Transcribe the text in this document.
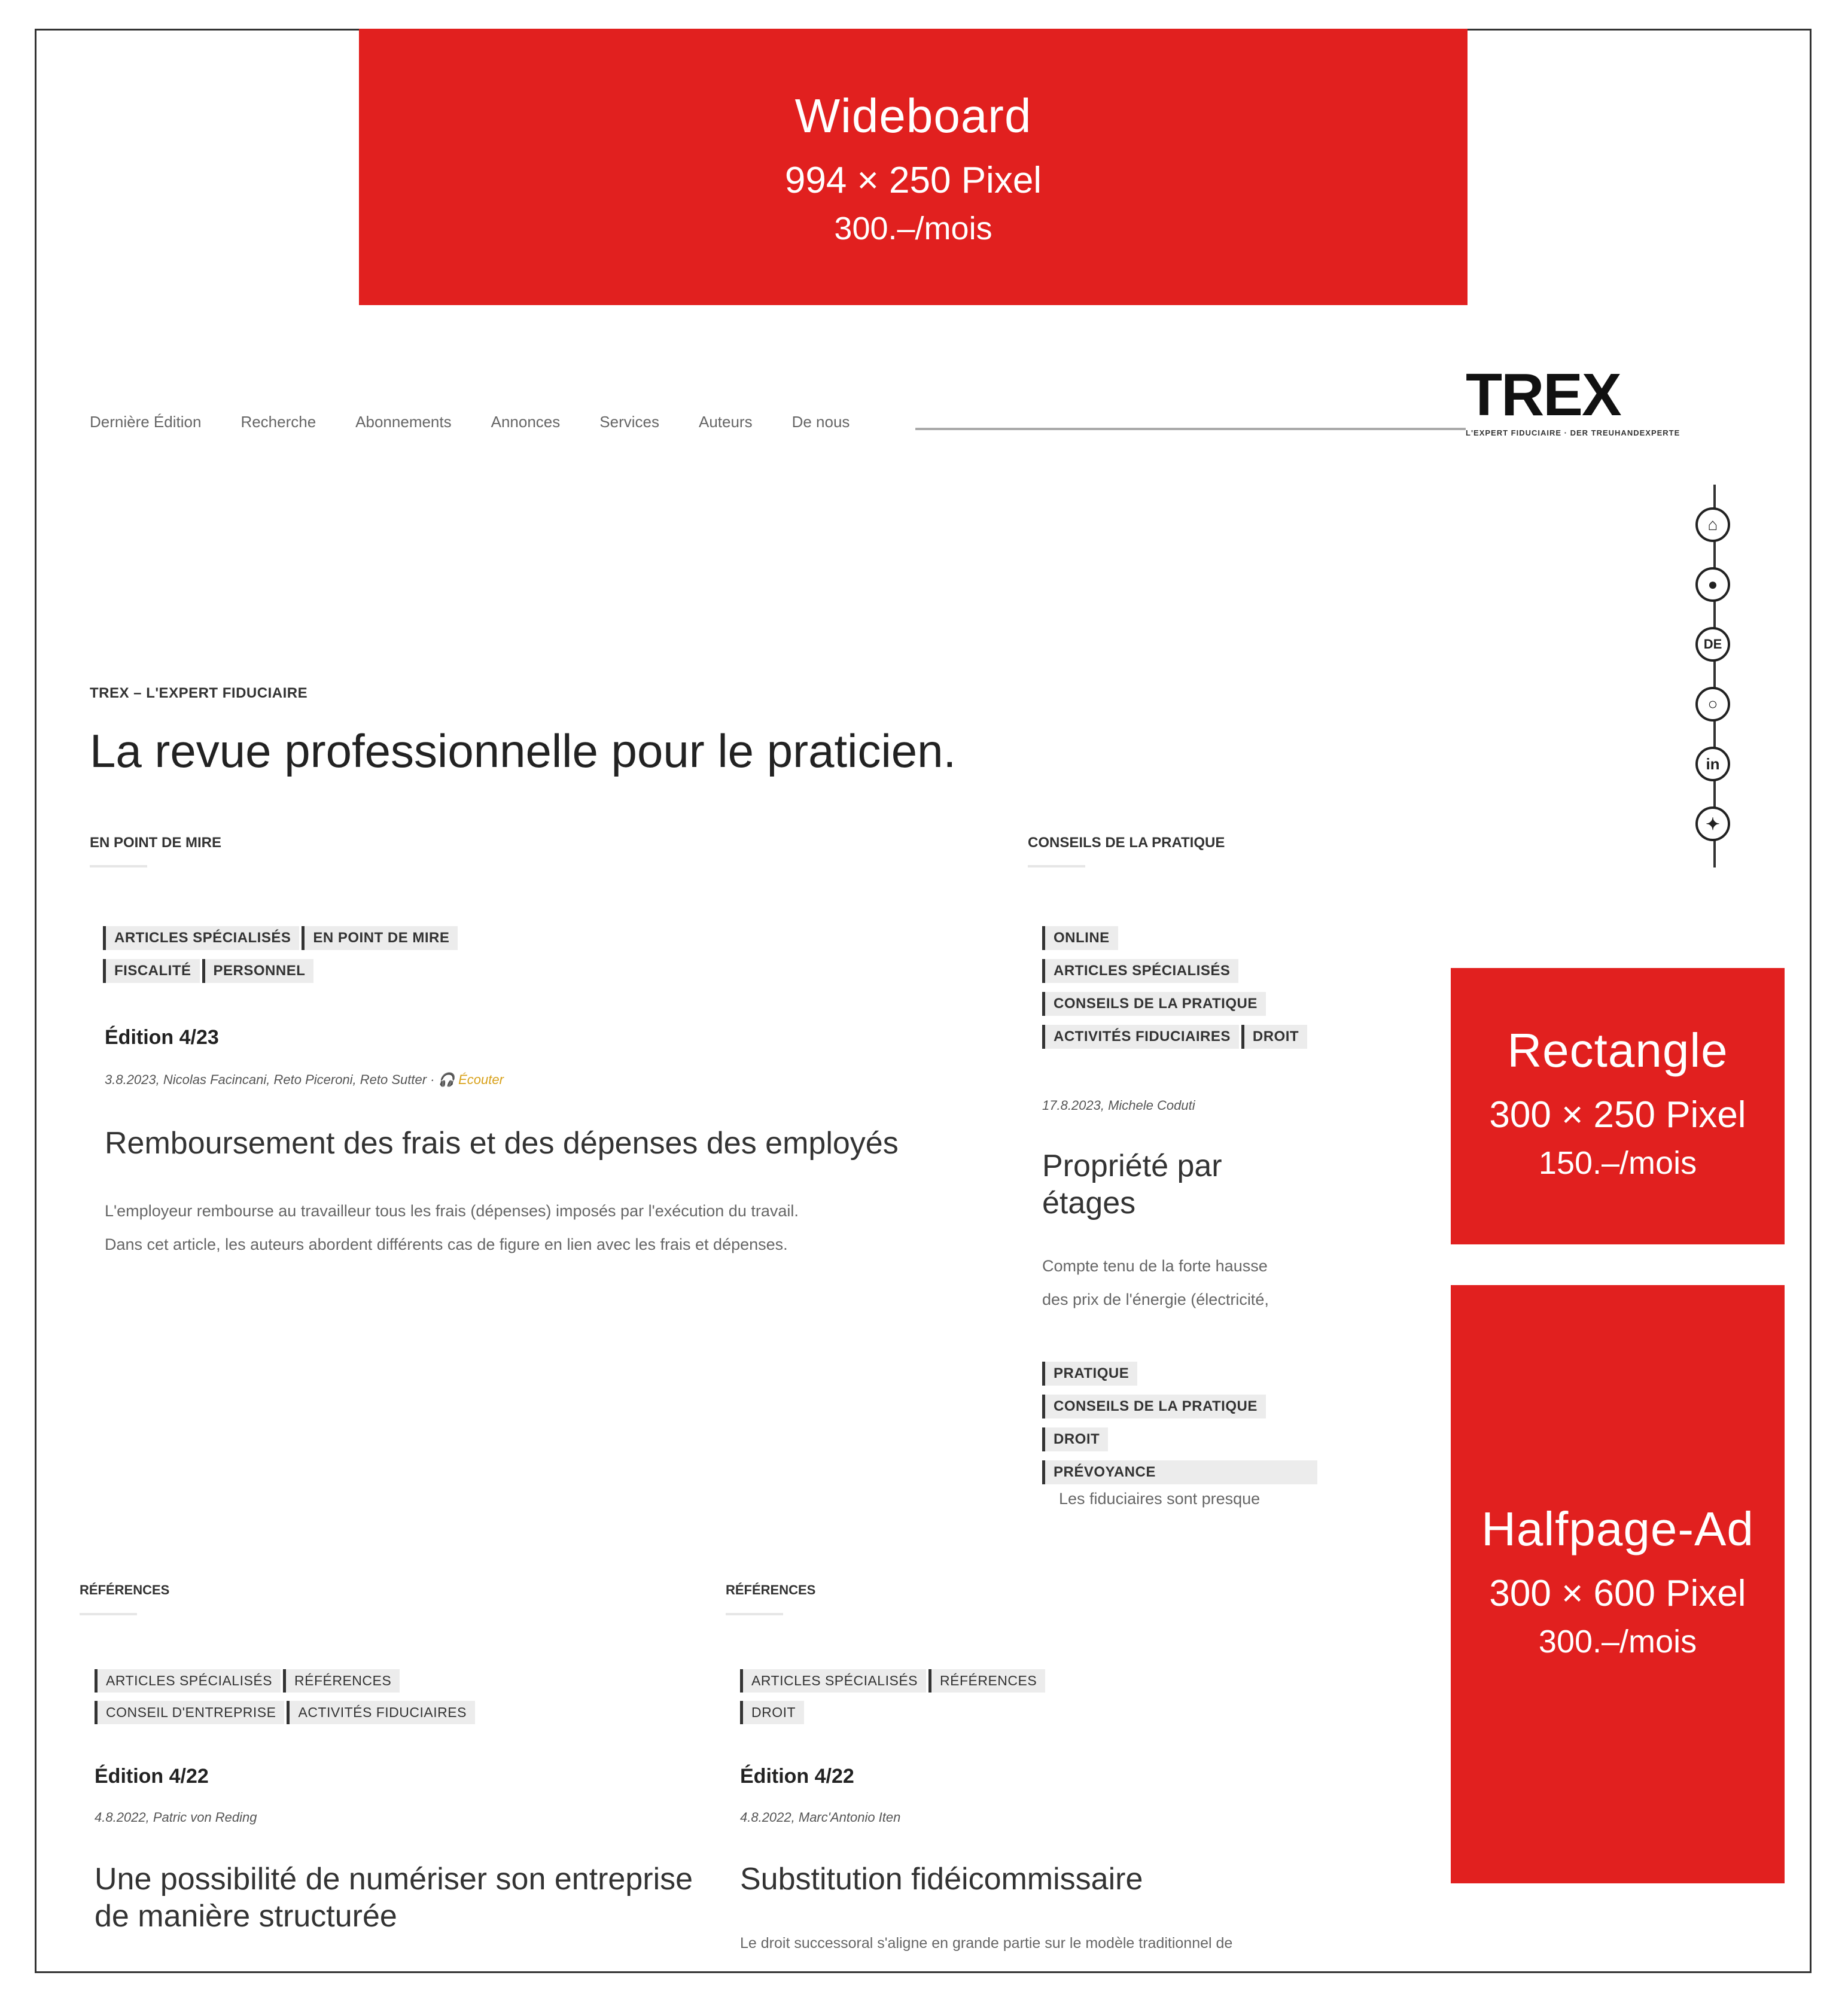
Wideboard
994 × 250 Pixel
300.–/mois
Dernière Édition	Recherche	Abonnements	Annonces	Services	Auteurs	De nous	TREX
L'EXPERT FIDUCIAIRE · DER TREUHANDEXPERTE
⌂
●
DE
○
in
✦
TREX – L'EXPERT FIDUCIAIRE
La revue professionnelle pour le praticien.
EN POINT DE MIRE
ARTICLES SPÉCIALISÉS	EN POINT DE MIRE
FISCALITÉ	PERSONNEL
Édition 4/23
3.8.2023, Nicolas Facincani, Reto Piceroni, Reto Sutter · 🎧 Écouter
Remboursement des frais et des dépenses des employés
L'employeur rembourse au travailleur tous les frais (dépenses) imposés par l'exécution du travail.
Dans cet article, les auteurs abordent différents cas de figure en lien avec les frais et dépenses.
CONSEILS DE LA PRATIQUE
ONLINE
ARTICLES SPÉCIALISÉS
CONSEILS DE LA PRATIQUE
ACTIVITÉS FIDUCIAIRES	DROIT
17.8.2023, Michele Coduti
Propriété par
étages
Compte tenu de la forte hausse
des prix de l'énergie (électricité,
PRATIQUE
CONSEILS DE LA PRATIQUE
DROIT
PRÉVOYANCE
Les fiduciaires sont presque
Rectangle
300 × 250 Pixel
150.–/mois
Halfpage-Ad
300 × 600 Pixel
300.–/mois
RÉFÉRENCES
ARTICLES SPÉCIALISÉS	RÉFÉRENCES
CONSEIL D'ENTREPRISE	ACTIVITÉS FIDUCIAIRES
Édition 4/22
4.8.2022, Patric von Reding
Une possibilité de numériser son entreprise
de manière structurée
RÉFÉRENCES
ARTICLES SPÉCIALISÉS	RÉFÉRENCES
DROIT
Édition 4/22
4.8.2022, Marc'Antonio Iten
Substitution fidéicommissaire
Le droit successoral s'aligne en grande partie sur le modèle traditionnel de
